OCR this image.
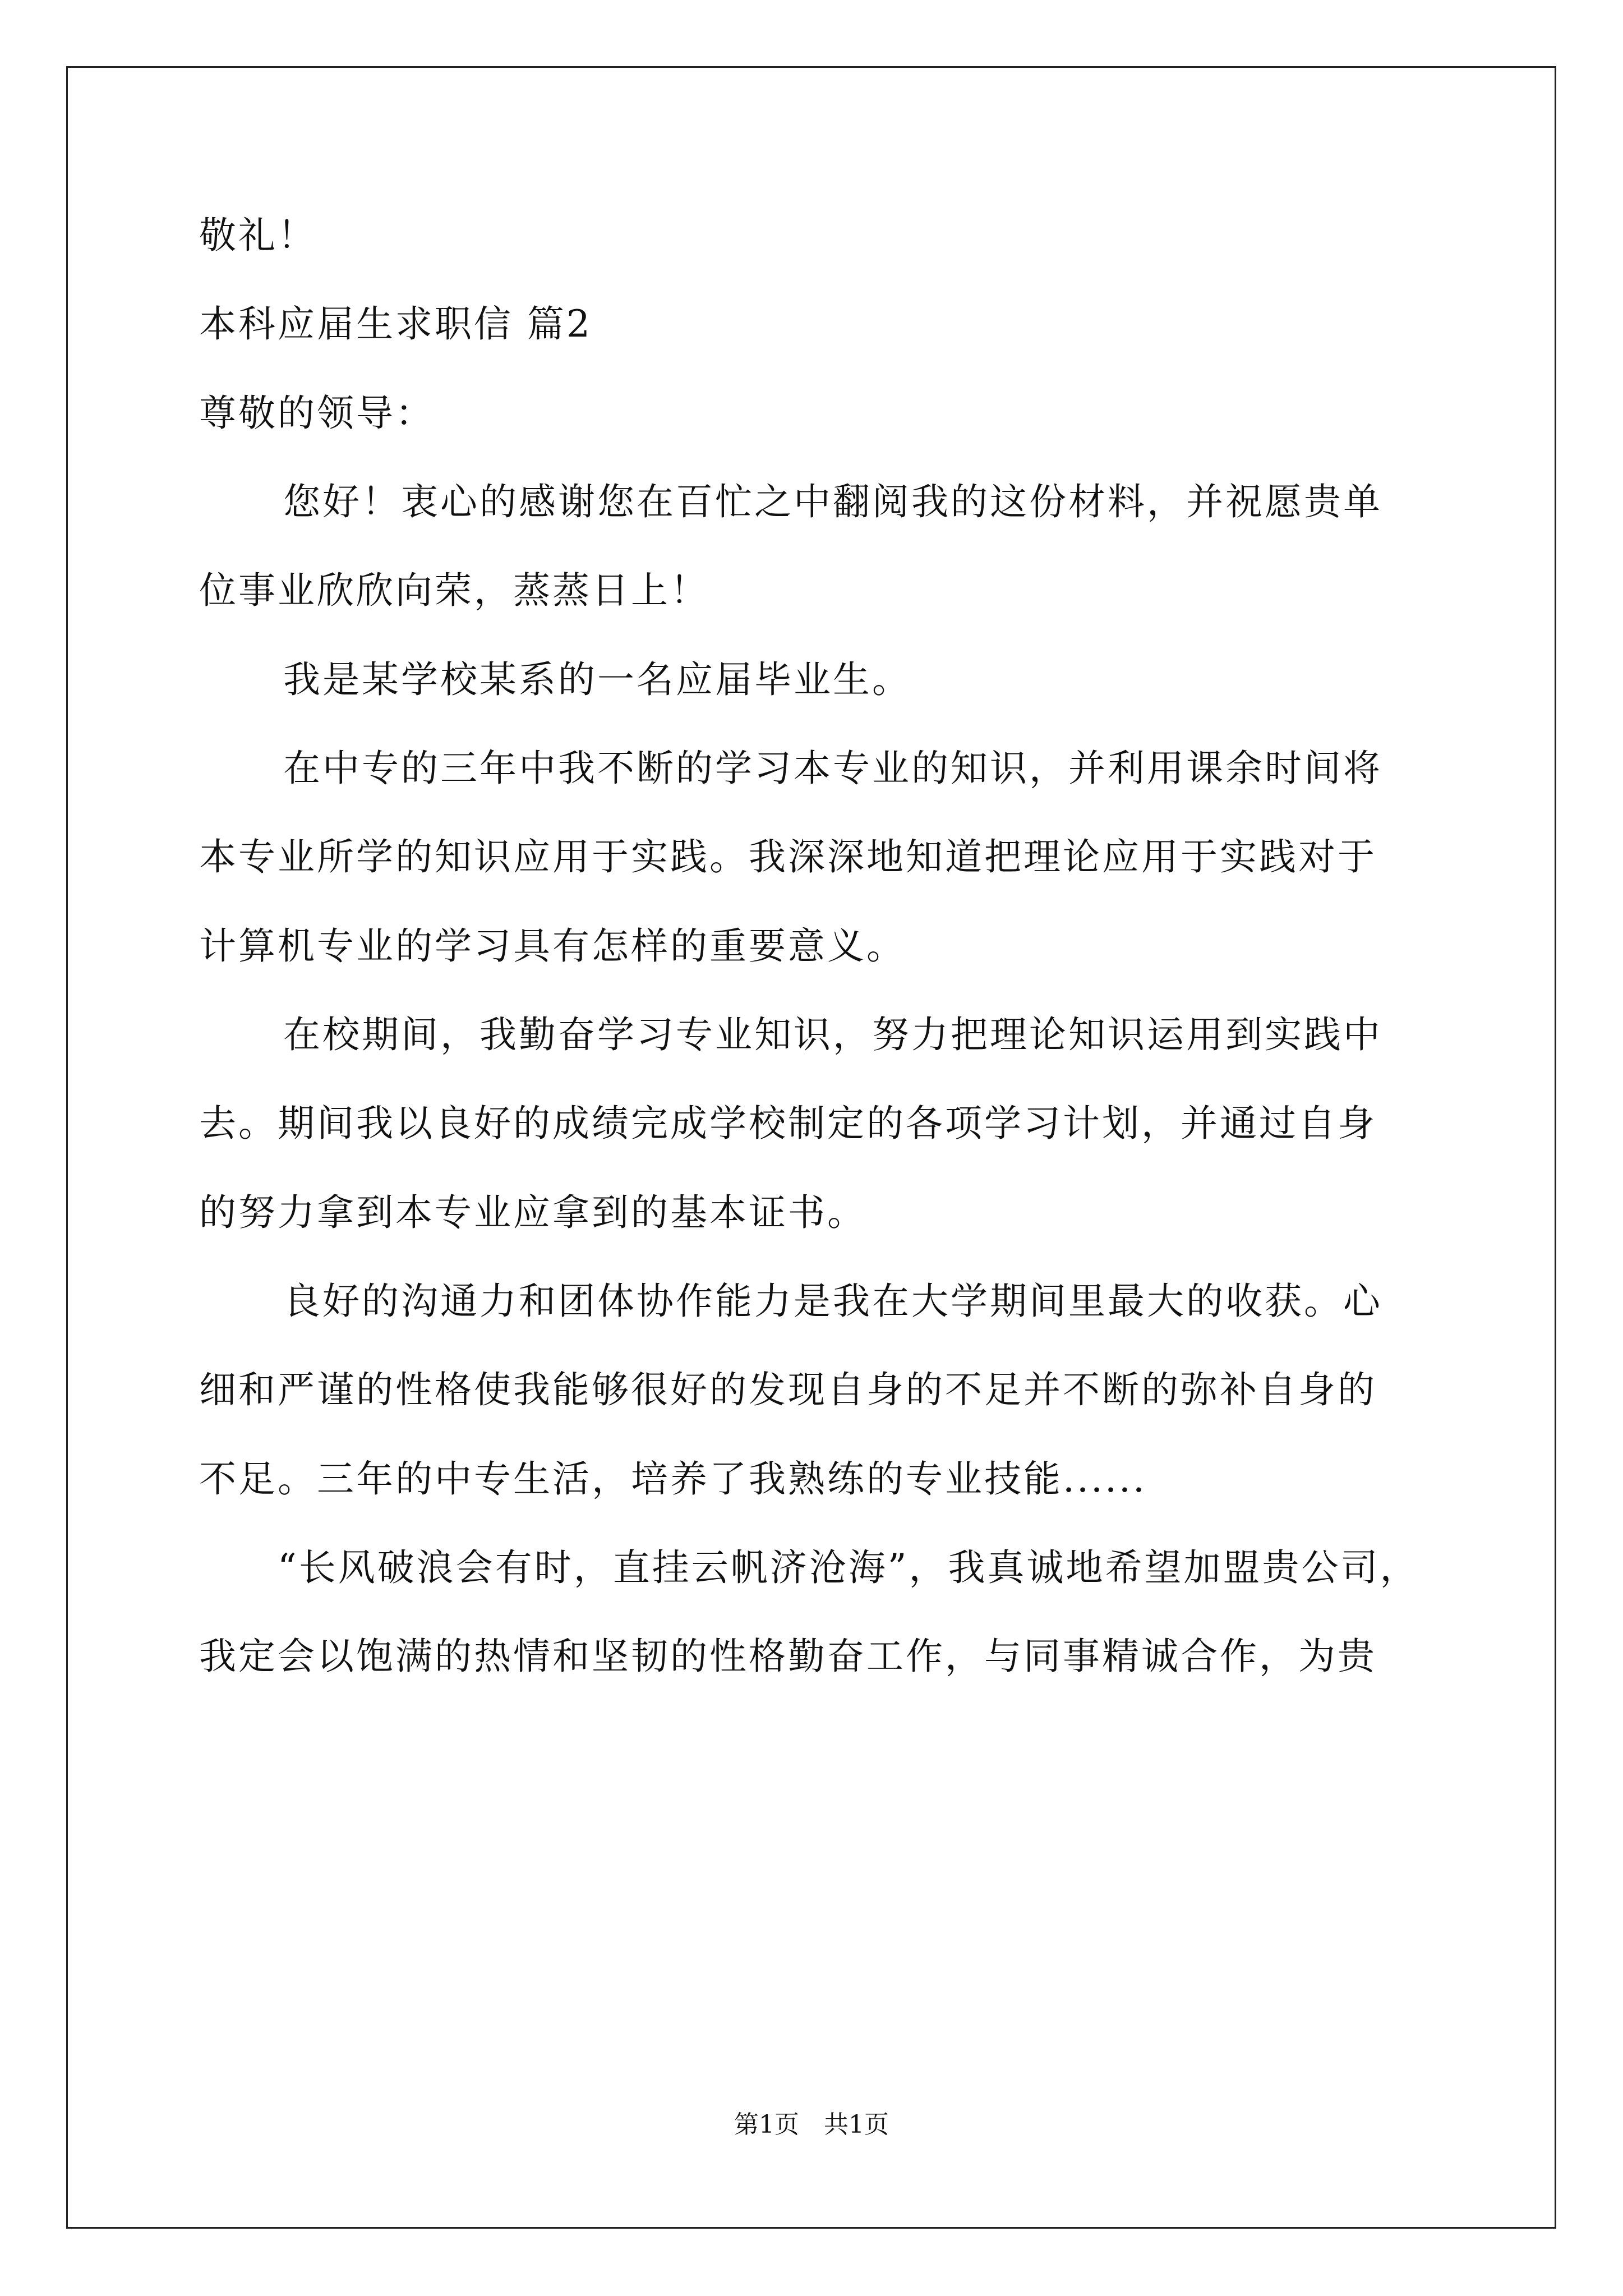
敬礼！
本科应届生求职信 篇2
尊敬的领导：
您好！衷心的感谢您在百忙之中翻阅我的这份材料，并祝愿贵单
位事业欣欣向荣，蒸蒸日上！
我是某学校某系的一名应届毕业生。
在中专的三年中我不断的学习本专业的知识，并利用课余时间将
本专业所学的知识应用于实践。我深深地知道把理论应用于实践对于
计算机专业的学习具有怎样的重要意义。
在校期间，我勤奋学习专业知识，努力把理论知识运用到实践中
去。期间我以良好的成绩完成学校制定的各项学习计划，并通过自身
的努力拿到本专业应拿到的基本证书。
良好的沟通力和团体协作能力是我在大学期间里最大的收获。心
细和严谨的性格使我能够很好的发现自身的不足并不断的弥补自身的
不足。三年的中专生活，培养了我熟练的专业技能......
“长风破浪会有时，直挂云帆济沧海”，我真诚地希望加盟贵公司，
我定会以饱满的热情和坚韧的性格勤奋工作，与同事精诚合作，为贵
第1页　共1页
